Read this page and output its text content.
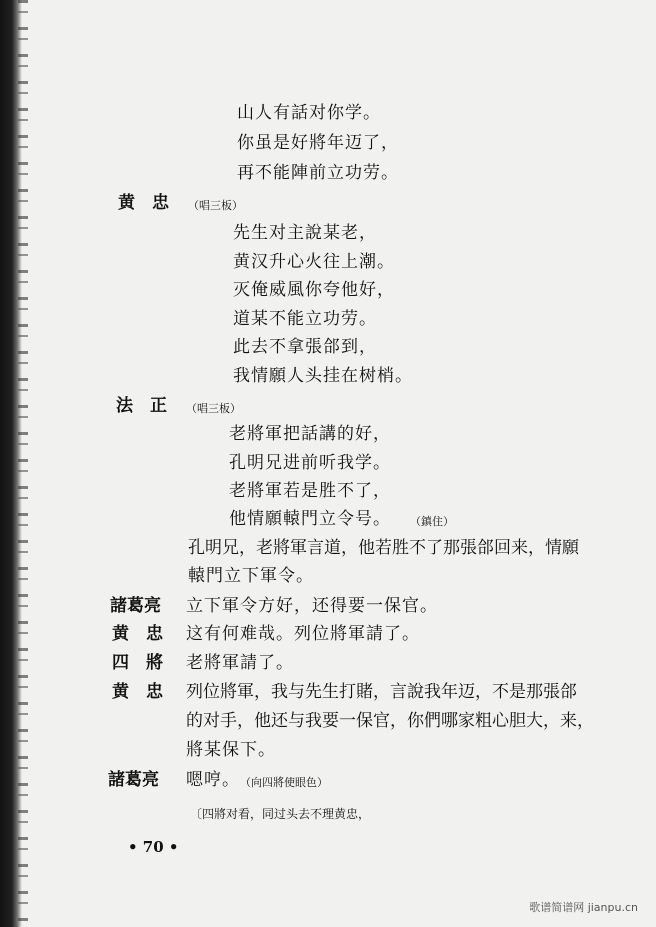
山人有話对你学。
你虽是好將年迈了，
再不能陣前立功劳。
黄　忠 （唱三板）
先生对主說某老，
黄汉升心火往上潮。
灭俺威風你夸他好，
道某不能立功劳。
此去不拿張郃到，
我情願人头挂在树梢。
法　正 （唱三板）
老將軍把話講的好，
孔明兄进前听我学。
老將軍若是胜不了，
他情願轅門立令号。 （鎮住）
孔明兄，老將軍言道，他若胜不了那張郃回来，情願
轅門立下軍令。
諸葛亮 立下軍令方好，还得要一保官。
黄　忠 这有何难哉。列位將軍請了。
四　將 老將軍請了。
黄　忠 列位將軍，我与先生打賭，言說我年迈，不是那張郃
的对手，他还与我要一保官，你們哪家粗心胆大，来，
將某保下。
諸葛亮 嗯哼。 （向四將使眼色）
〔四將对看，同过头去不理黄忠，
• 70 •
歌谱简谱网 jianpu.cn
